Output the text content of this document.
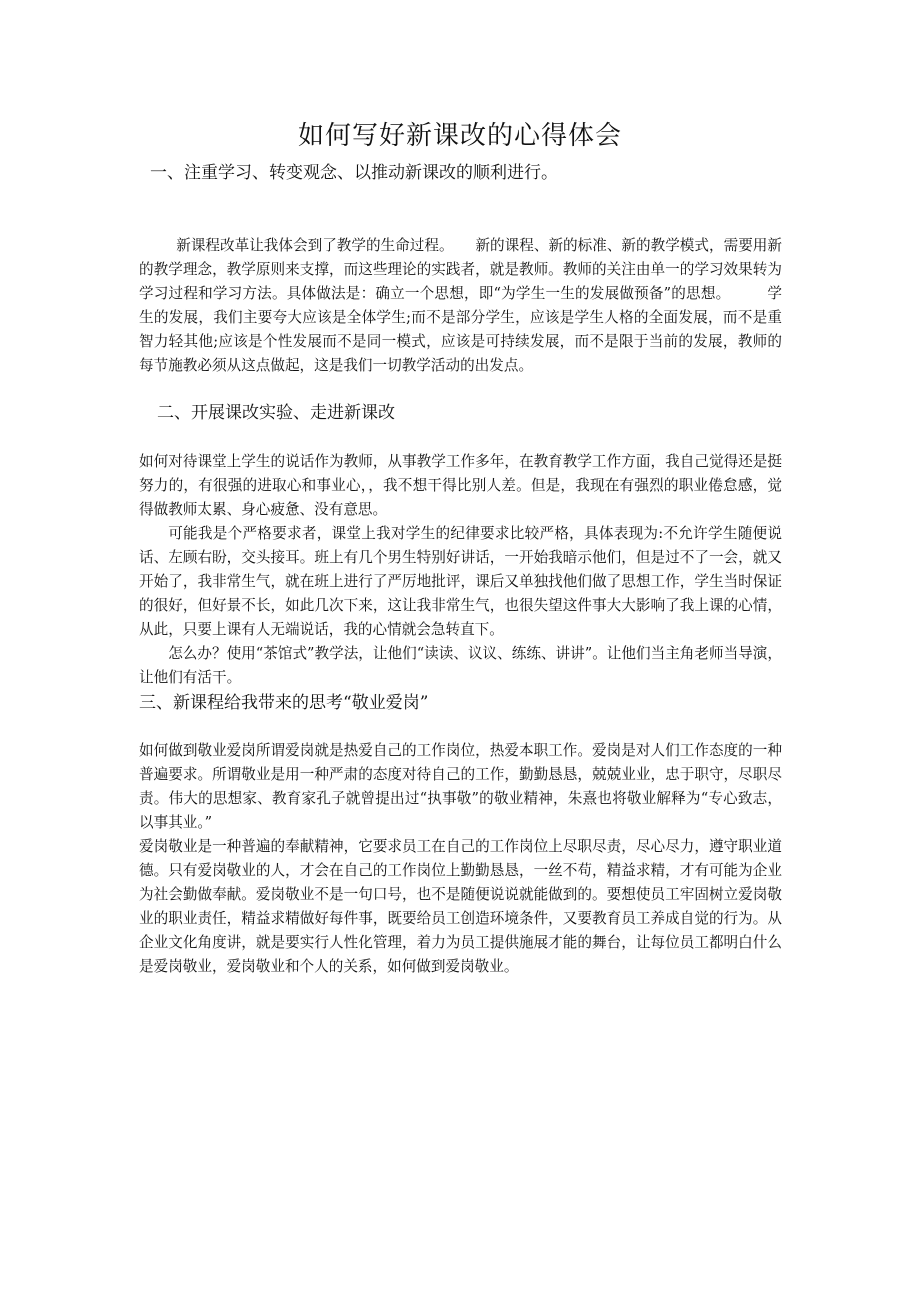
如何写好新课改的心得体会
一、注重学习、转变观念、以推动新课改的顺利进行。

新课程改革让我体会到了教学的生命过程。　　新的课程、新的标准、新的教学模式，需要用新的教学理念，教学原则来支撑，而这些理论的实践者，就是教师。教师的关注由单一的学习效果转为学习过程和学习方法。具体做法是：确立一个思想，即“为学生一生的发展做预备”的思想。　　　学生的发展，我们主要夸大应该是全体学生;而不是部分学生，应该是学生人格的全面发展，而不是重智力轻其他;应该是个性发展而不是同一模式，应该是可持续发展，而不是限于当前的发展，教师的每节施教必须从这点做起，这是我们一切教学活动的出发点。

二、开展课改实验、走进新课改

如何对待课堂上学生的说话作为教师，从事教学工作多年，在教育教学工作方面，我自己觉得还是挺努力的，有很强的进取心和事业心，，我不想干得比别人差。但是，我现在有强烈的职业倦怠感，觉得做教师太累、身心疲惫、没有意思。

可能我是个严格要求者，课堂上我对学生的纪律要求比较严格，具体表现为:不允许学生随便说话、左顾右盼，交头接耳。班上有几个男生特别好讲话，一开始我暗示他们，但是过不了一会，就又开始了，我非常生气，就在班上进行了严厉地批评，课后又单独找他们做了思想工作，学生当时保证的很好，但好景不长，如此几次下来，这让我非常生气，也很失望这件事大大影响了我上课的心情，从此，只要上课有人无端说话，我的心情就会急转直下。

怎么办？使用“茶馆式”教学法，让他们“读读、议议、练练、讲讲”。让他们当主角老师当导演，让他们有活干。

三、新课程给我带来的思考“敬业爱岗”

如何做到敬业爱岗所谓爱岗就是热爱自己的工作岗位，热爱本职工作。爱岗是对人们工作态度的一种普遍要求。所谓敬业是用一种严肃的态度对待自己的工作，勤勤恳恳，兢兢业业，忠于职守，尽职尽责。伟大的思想家、教育家孔子就曾提出过“执事敬”的敬业精神，朱熹也将敬业解释为“专心致志，以事其业。”

爱岗敬业是一种普遍的奉献精神，它要求员工在自己的工作岗位上尽职尽责，尽心尽力，遵守职业道德。只有爱岗敬业的人，才会在自己的工作岗位上勤勤恳恳，一丝不苟，精益求精，才有可能为企业为社会勤做奉献。爱岗敬业不是一句口号，也不是随便说说就能做到的。要想使员工牢固树立爱岗敬业的职业责任，精益求精做好每件事，既要给员工创造环境条件，又要教育员工养成自觉的行为。从企业文化角度讲，就是要实行人性化管理，着力为员工提供施展才能的舞台，让每位员工都明白什么是爱岗敬业，爱岗敬业和个人的关系，如何做到爱岗敬业。
